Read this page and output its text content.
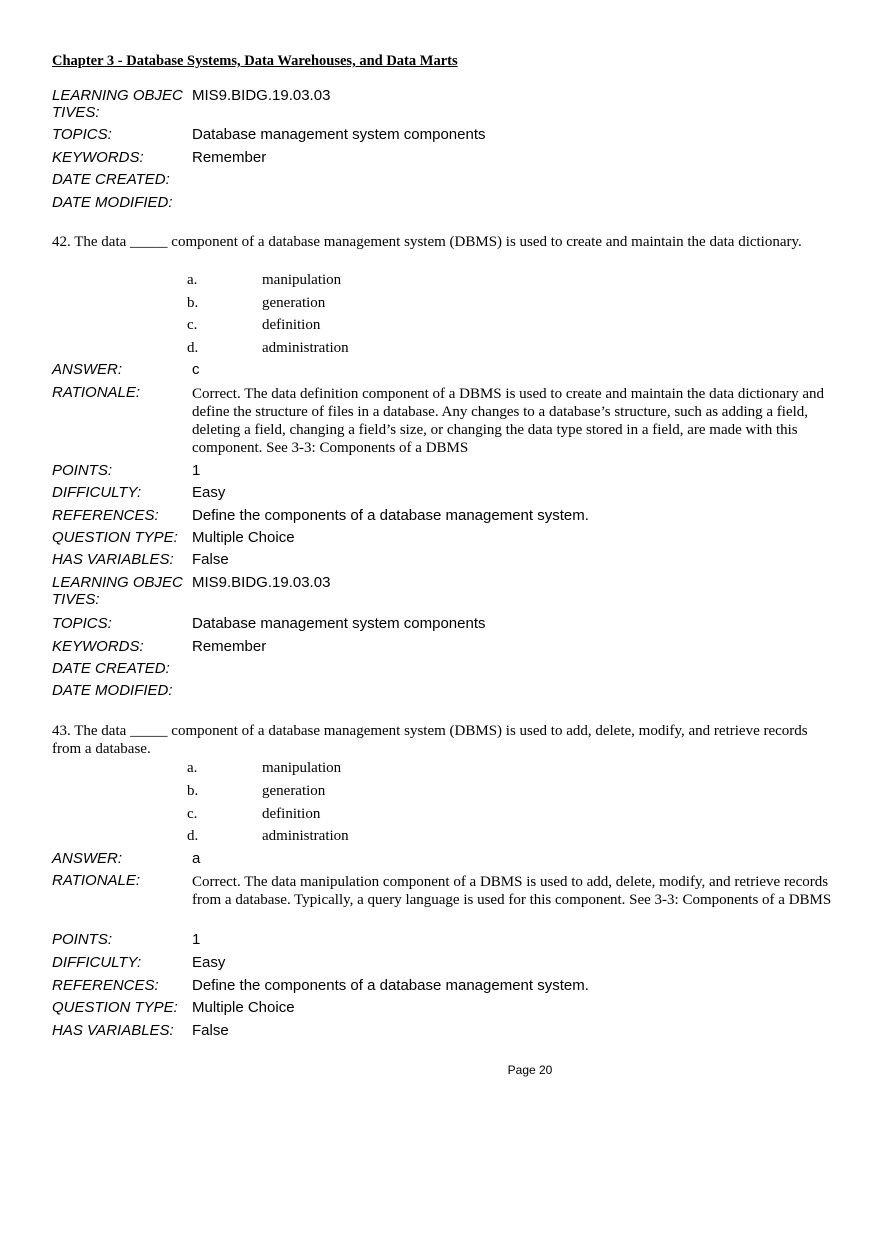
Chapter 3 - Database Systems, Data Warehouses, and Data Marts
LEARNING OBJECTIVES:
MIS9.BIDG.19.03.03
TOPICS:	Database management system components
KEYWORDS:	Remember
DATE CREATED:
DATE MODIFIED:
42. The data _____ component of a database management system (DBMS) is used to create and maintain the data dictionary.
a.	manipulation
b.	generation
c.	definition
d.	administration
ANSWER:	c
RATIONALE:	Correct. The data definition component of a DBMS is used to create and maintain the data dictionary and define the structure of files in a database. Any changes to a database’s structure, such as adding a field, deleting a field, changing a field’s size, or changing the data type stored in a field, are made with this component. See 3-3: Components of a DBMS
POINTS:	1
DIFFICULTY:	Easy
REFERENCES: Define the components of a database management system.
QUESTION TYPE: Multiple Choice
HAS VARIABLES: False
LEARNING OBJECTIVES:
MIS9.BIDG.19.03.03
TOPICS:	Database management system components
KEYWORDS:	Remember
DATE CREATED:
DATE MODIFIED:
43. The data _____ component of a database management system (DBMS) is used to add, delete, modify, and retrieve records from a database.
a.	manipulation
b.	generation
c.	definition
d.	administration
ANSWER:	a
RATIONALE:	Correct. The data manipulation component of a DBMS is used to add, delete, modify, and retrieve records from a database. Typically, a query language is used for this component. See 3-3: Components of a DBMS
POINTS:	1
DIFFICULTY:	Easy
REFERENCES: Define the components of a database management system.
QUESTION TYPE: Multiple Choice
HAS VARIABLES: False
Page 20
